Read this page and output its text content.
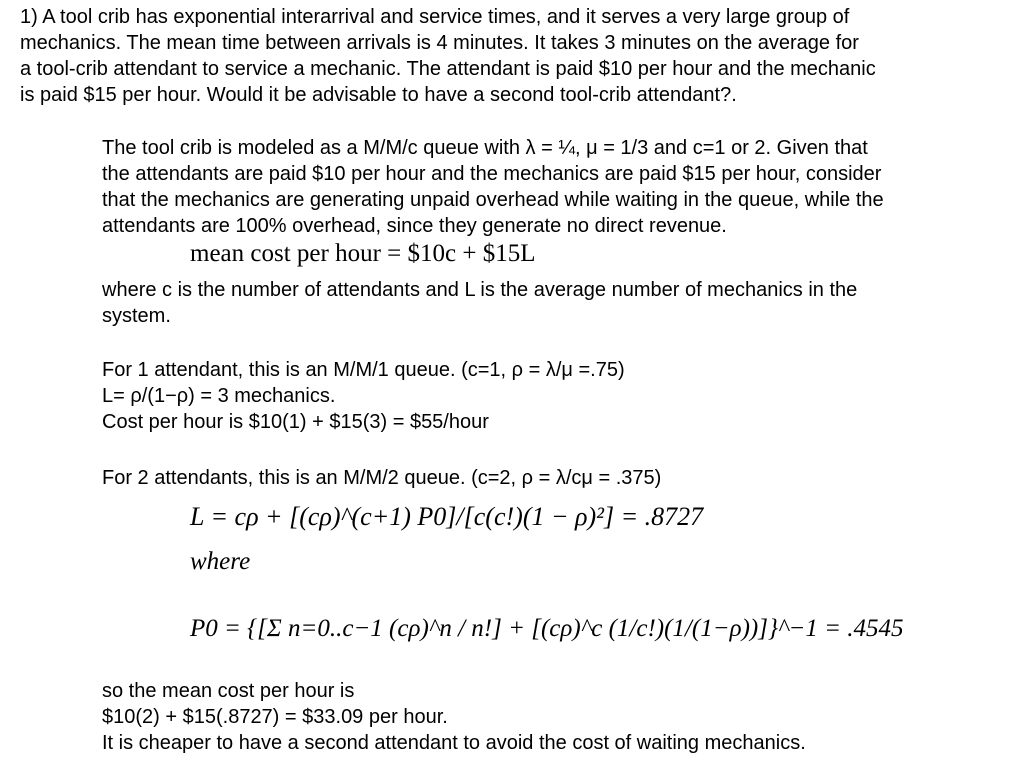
1) A tool crib has exponential interarrival and service times, and it serves a very large group of
mechanics. The mean time between arrivals is 4 minutes. It takes 3 minutes on the average for
a tool-crib attendant to service a mechanic. The attendant is paid $10 per hour and the mechanic
is paid $15 per hour. Would it be advisable to have a second tool-crib attendant?.
The tool crib is modeled as a M/M/c queue with λ = ¼, μ = 1/3 and c=1 or 2. Given that
the attendants are paid $10 per hour and the mechanics are paid $15 per hour, consider
that the mechanics are generating unpaid overhead while waiting in the queue, while the
attendants are 100% overhead, since they generate no direct revenue.
mean cost per hour = $10c + $15L
where c is the number of attendants and L is the average number of mechanics in the
system.
For 1 attendant, this is an M/M/1 queue. (c=1, ρ = λ/μ =.75)
L= ρ/(1−ρ) = 3 mechanics.
Cost per hour is $10(1) + $15(3) = $55/hour
For 2 attendants, this is an M/M/2 queue. (c=2, ρ = λ/cμ = .375)
L = cρ + [(cρ)^(c+1) P0]/[c(c!)(1 − ρ)²] = .8727
where
P0 = {[Σ n=0..c−1 (cρ)^n / n!] + [(cρ)^c (1/c!)(1/(1−ρ))]}^−1 = .4545
so the mean cost per hour is
$10(2) + $15(.8727) = $33.09 per hour.
It is cheaper to have a second attendant to avoid the cost of waiting mechanics.
